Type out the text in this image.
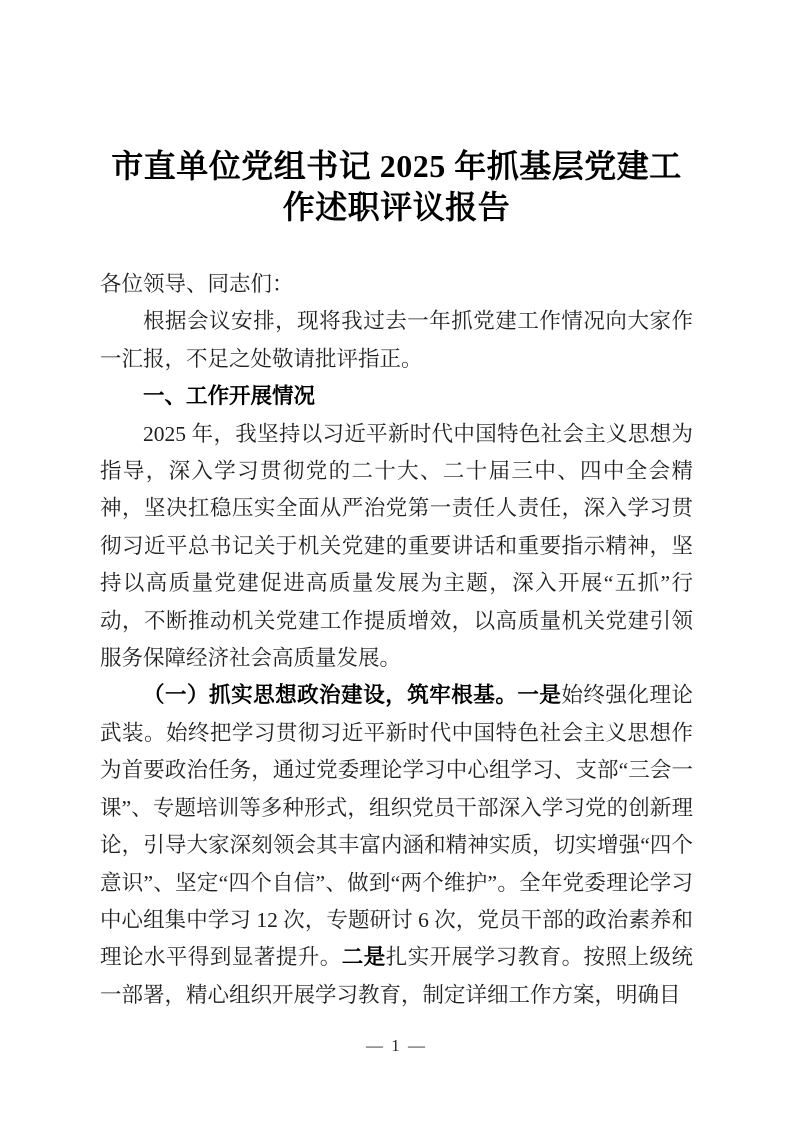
市直单位党组书记 2025 年抓基层党建工作述职评议报告

各位领导、同志们：

根据会议安排，现将我过去一年抓党建工作情况向大家作一汇报，不足之处敬请批评指正。

一、工作开展情况

2025 年，我坚持以习近平新时代中国特色社会主义思想为指导，深入学习贯彻党的二十大、二十届三中、四中全会精神，坚决扛稳压实全面从严治党第一责任人责任，深入学习贯彻习近平总书记关于机关党建的重要讲话和重要指示精神，坚持以高质量党建促进高质量发展为主题，深入开展“五抓”行动，不断推动机关党建工作提质增效，以高质量机关党建引领服务保障经济社会高质量发展。

（一）抓实思想政治建设，筑牢根基。一是始终强化理论武装。始终把学习贯彻习近平新时代中国特色社会主义思想作为首要政治任务，通过党委理论学习中心组学习、支部“三会一课”、专题培训等多种形式，组织党员干部深入学习党的创新理论，引导大家深刻领会其丰富内涵和精神实质，切实增强“四个意识”、坚定“四个自信”、做到“两个维护”。全年党委理论学习中心组集中学习 12 次，专题研讨 6 次，党员干部的政治素养和理论水平得到显著提升。二是扎实开展学习教育。按照上级统一部署，精心组织开展学习教育，制定详细工作方案，明确目

— 1 —
